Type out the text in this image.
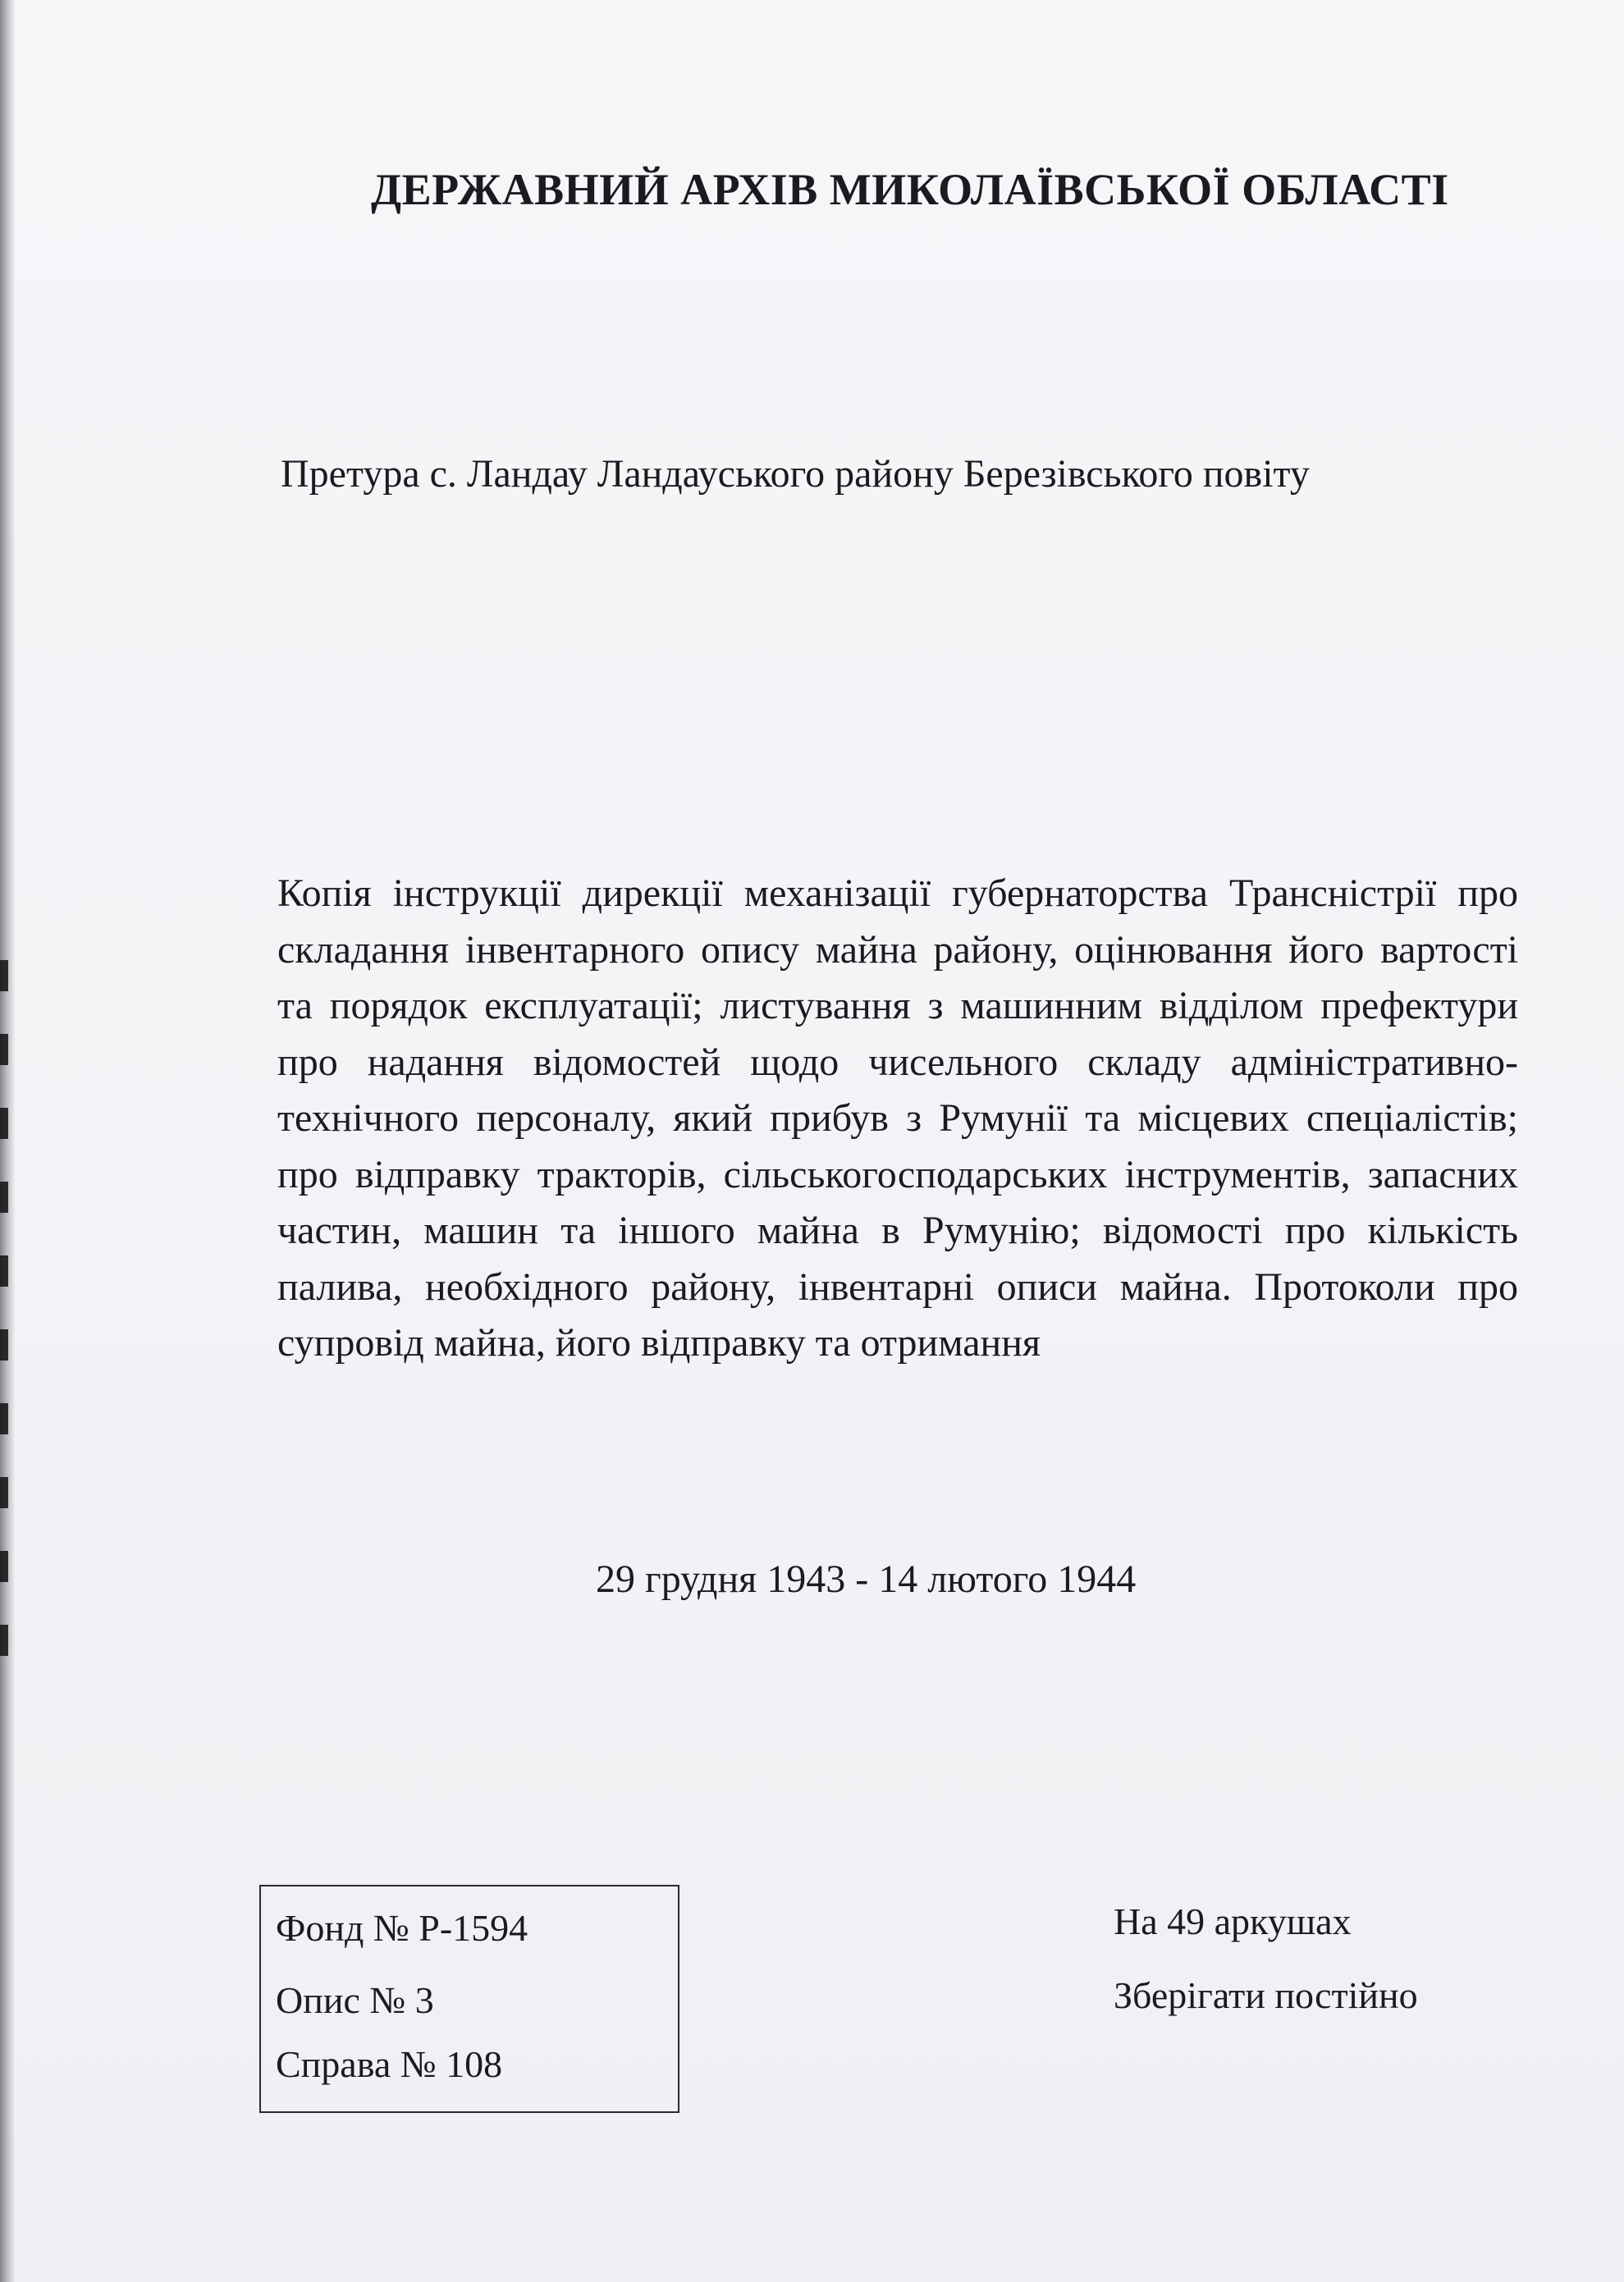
ДЕРЖАВНИЙ АРХІВ МИКОЛАЇВСЬКОЇ ОБЛАСТІ
Претура с. Ландау Ландауського району Березівського повіту
Копія інструкції дирекції механізації губернаторства Трансністрії про складання інвентарного опису майна району, оцінювання його вартості та порядок експлуатації; листування з машинним відділом префектури про надання відомостей щодо чисельного складу адміністративно-технічного персоналу, який прибув з Румунії та місцевих спеціалістів; про відправку тракторів, сільськогосподарських інструментів, запасних частин, машин та іншого майна в Румунію; відомості про кількість палива, необхідного району, інвентарні описи майна. Протоколи про супровід майна, його відправку та отримання
29 грудня 1943 - 14 лютого 1944
Фонд № Р-1594
Опис № 3
Справа № 108
На 49 аркушах
Зберігати постійно
